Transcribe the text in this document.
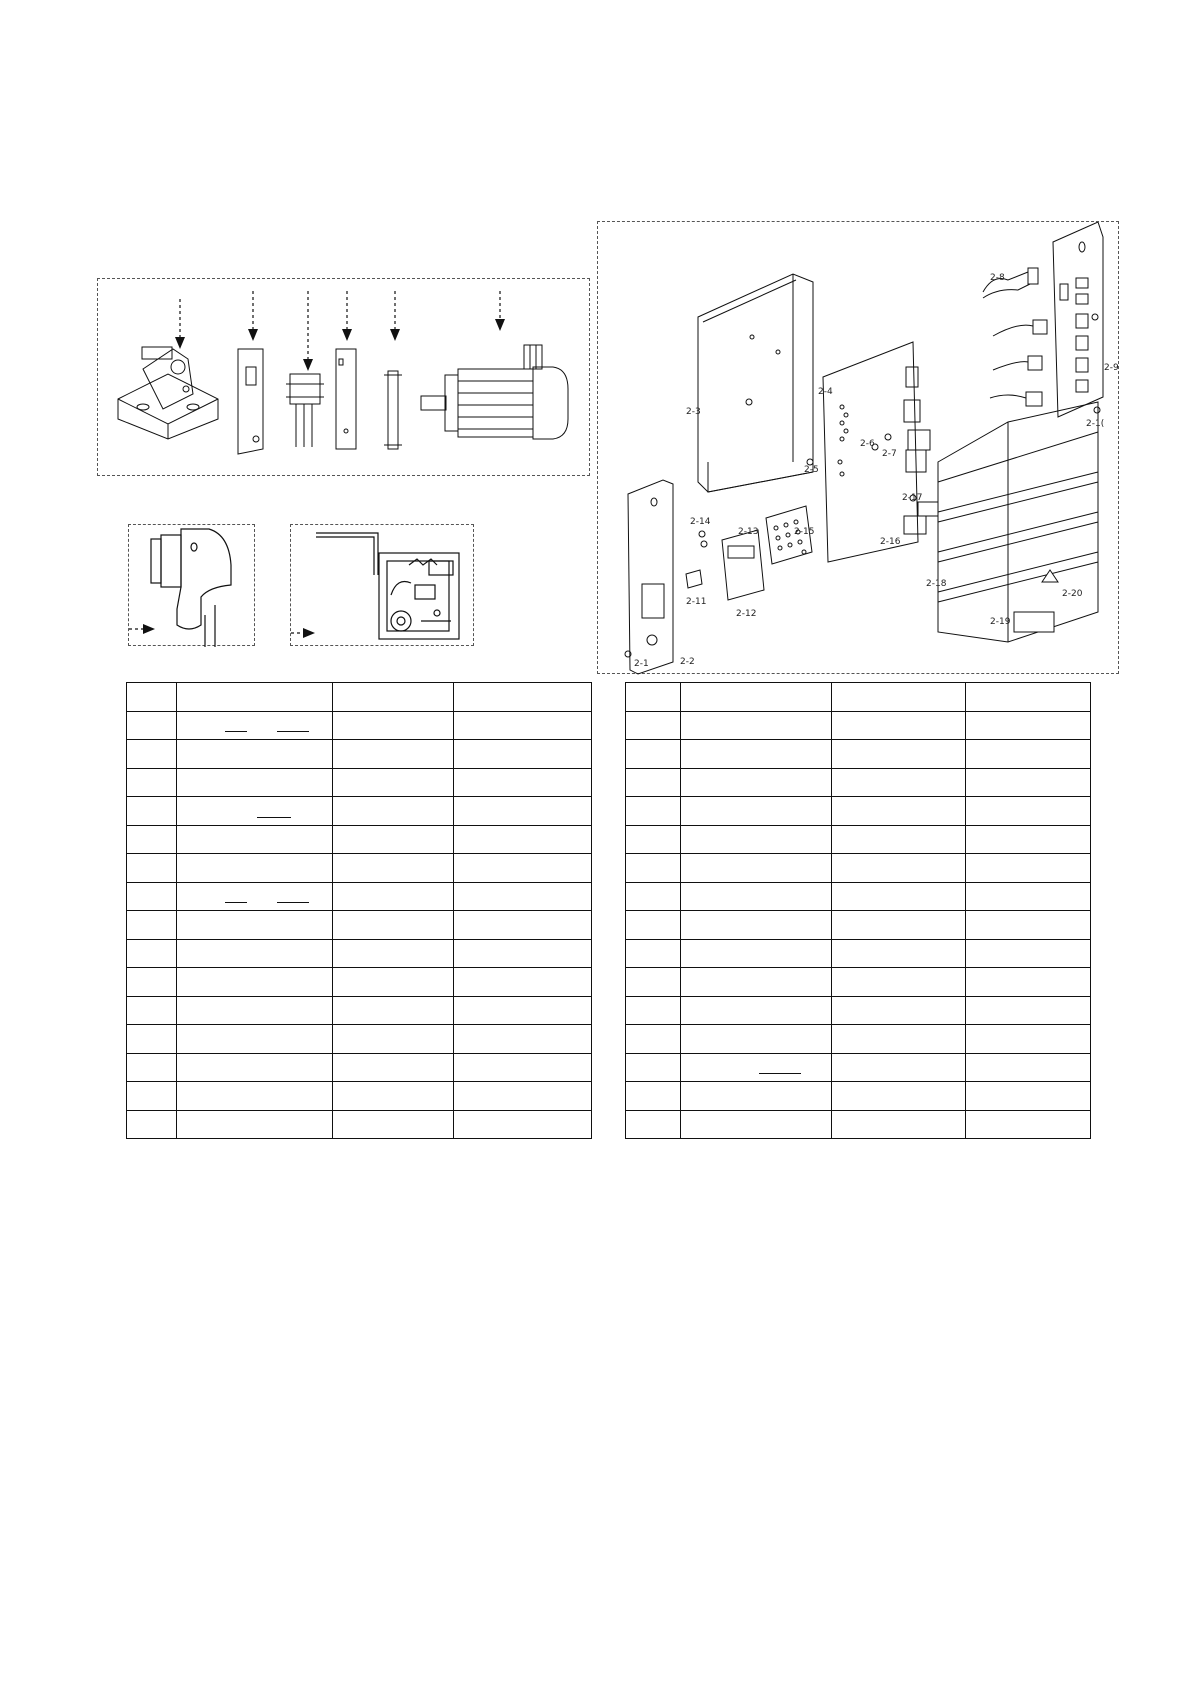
2-1	2-2
2-3
2-4
2-5
2-6
2-7
2-8
2-9
2-1(
2-11
2-12
2-13
2-14
2-15
2-16
2-17
2-18
2-19
2-20
